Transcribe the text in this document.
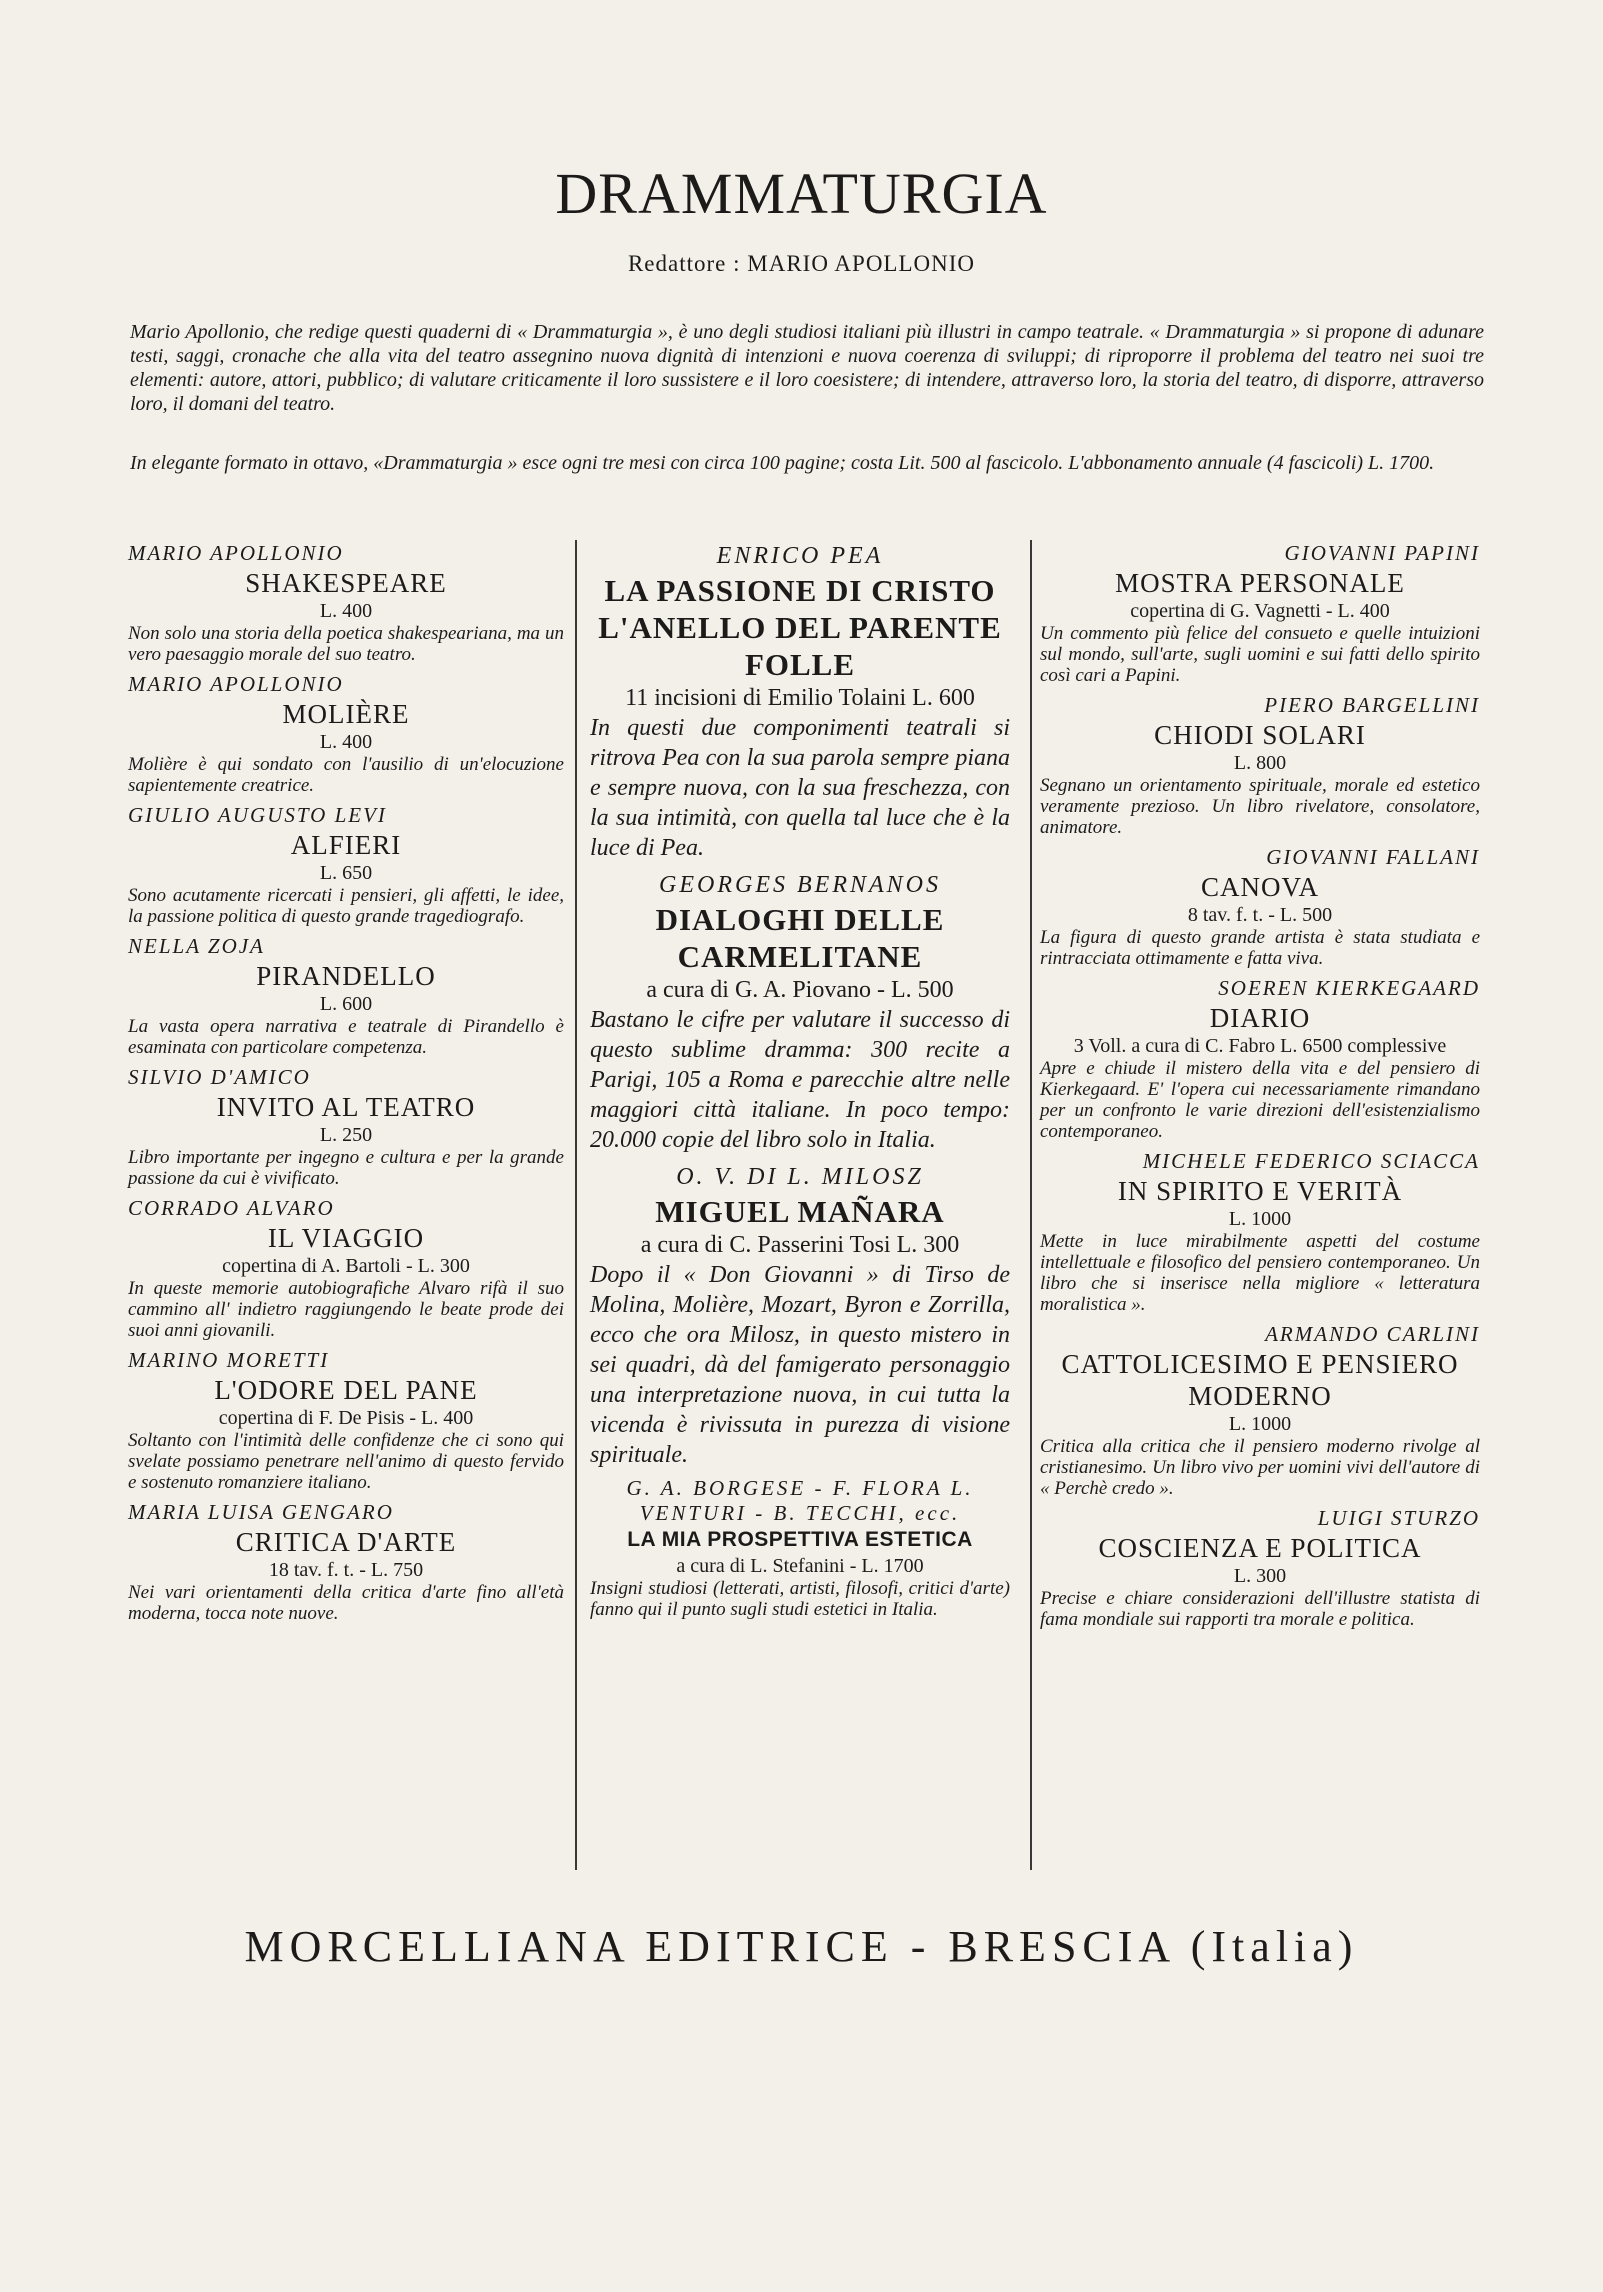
DRAMMATURGIA
Redattore : MARIO APOLLONIO

Mario Apollonio, che redige questi quaderni di « Drammaturgia », è uno degli studiosi italiani più illustri in campo teatrale. « Drammaturgia » si propone di adunare testi, saggi, cronache che alla vita del teatro assegnino nuova dignità di intenzioni e nuova coerenza di sviluppi; di riproporre il problema del teatro nei suoi tre elementi: autore, attori, pubblico; di valutare criticamente il loro sussistere e il loro coesistere; di intendere, attraverso loro, la storia del teatro, di disporre, attraverso loro, il domani del teatro.

In elegante formato in ottavo, «Drammaturgia » esce ogni tre mesi con circa 100 pagine; costa Lit. 500 al fascicolo. L'abbonamento annuale (4 fascicoli) L. 1700.

MARIO APOLLONIO
SHAKESPEARE
L. 400
Non solo una storia della poetica shakespeariana, ma un vero paesaggio morale del suo teatro.
MARIO APOLLONIO
MOLIÈRE
L. 400
Molière è qui sondato con l'ausilio di un'elocuzione sapientemente creatrice.
GIULIO AUGUSTO LEVI
ALFIERI
L. 650
Sono acutamente ricercati i pensieri, gli affetti, le idee, la passione politica di questo grande tragediografo.
NELLA ZOJA
PIRANDELLO
L. 600
La vasta opera narrativa e teatrale di Pirandello è esaminata con particolare competenza.
SILVIO D'AMICO
INVITO AL TEATRO
L. 250
Libro importante per ingegno e cultura e per la grande passione da cui è vivificato.
CORRADO ALVARO
IL VIAGGIO
copertina di A. Bartoli - L. 300
In queste memorie autobiografiche Alvaro rifà il suo cammino all' indietro raggiungendo le beate prode dei suoi anni giovanili.
MARINO MORETTI
L'ODORE DEL PANE
copertina di F. De Pisis - L. 400
Soltanto con l'intimità delle confidenze che ci sono qui svelate possiamo penetrare nell'animo di questo fervido e sostenuto romanziere italiano.
MARIA LUISA GENGARO
CRITICA D'ARTE
18 tav. f. t. - L. 750
Nei vari orientamenti della critica d'arte fino all'età moderna, tocca note nuove.
ENRICO PEA
LA PASSIONE DI CRISTO L'ANELLO DEL PARENTE FOLLE
11 incisioni di Emilio Tolaini L. 600
In questi due componimenti teatrali si ritrova Pea con la sua parola sempre piana e sempre nuova, con la sua freschezza, con la sua intimità, con quella tal luce che è la luce di Pea.
GEORGES BERNANOS
DIALOGHI DELLE CARMELITANE
a cura di G. A. Piovano - L. 500
Bastano le cifre per valutare il successo di questo sublime dramma: 300 recite a Parigi, 105 a Roma e parecchie altre nelle maggiori città italiane. In poco tempo: 20.000 copie del libro solo in Italia.
O. V. DI L. MILOSZ
MIGUEL MAÑARA
a cura di C. Passerini Tosi L. 300
Dopo il « Don Giovanni » di Tirso de Molina, Molière, Mozart, Byron e Zorrilla, ecco che ora Milosz, in questo mistero in sei quadri, dà del famigerato personaggio una interpretazione nuova, in cui tutta la vicenda è rivissuta in purezza di visione spirituale.
G. A. BORGESE - F. FLORA L. VENTURI - B. TECCHI, ecc.
LA MIA PROSPETTIVA ESTETICA
a cura di L. Stefanini - L. 1700
Insigni studiosi (letterati, artisti, filosofi, critici d'arte) fanno qui il punto sugli studi estetici in Italia.
GIOVANNI PAPINI
MOSTRA PERSONALE
copertina di G. Vagnetti - L. 400
Un commento più felice del consueto e quelle intuizioni sul mondo, sull'arte, sugli uomini e sui fatti dello spirito così cari a Papini.
PIERO BARGELLINI
CHIODI SOLARI
L. 800
Segnano un orientamento spirituale, morale ed estetico veramente prezioso. Un libro rivelatore, consolatore, animatore.
GIOVANNI FALLANI
CANOVA
8 tav. f. t. - L. 500
La figura di questo grande artista è stata studiata e rintracciata ottimamente e fatta viva.
SOEREN KIERKEGAARD
DIARIO
3 Voll. a cura di C. Fabro L. 6500 complessive
Apre e chiude il mistero della vita e del pensiero di Kierkegaard. E' l'opera cui necessariamente rimandano per un confronto le varie direzioni dell'esistenzialismo contemporaneo.
MICHELE FEDERICO SCIACCA
IN SPIRITO E VERITÀ
L. 1000
Mette in luce mirabilmente aspetti del costume intellettuale e filosofico del pensiero contemporaneo. Un libro che si inserisce nella migliore « letteratura moralistica ».
ARMANDO CARLINI
CATTOLICESIMO E PENSIERO MODERNO
L. 1000
Critica alla critica che il pensiero moderno rivolge al cristianesimo. Un libro vivo per uomini vivi dell'autore di « Perchè credo ».
LUIGI STURZO
COSCIENZA E POLITICA
L. 300
Precise e chiare considerazioni dell'illustre statista di fama mondiale sui rapporti tra morale e politica.
MORCELLIANA EDITRICE - BRESCIA (Italia)
